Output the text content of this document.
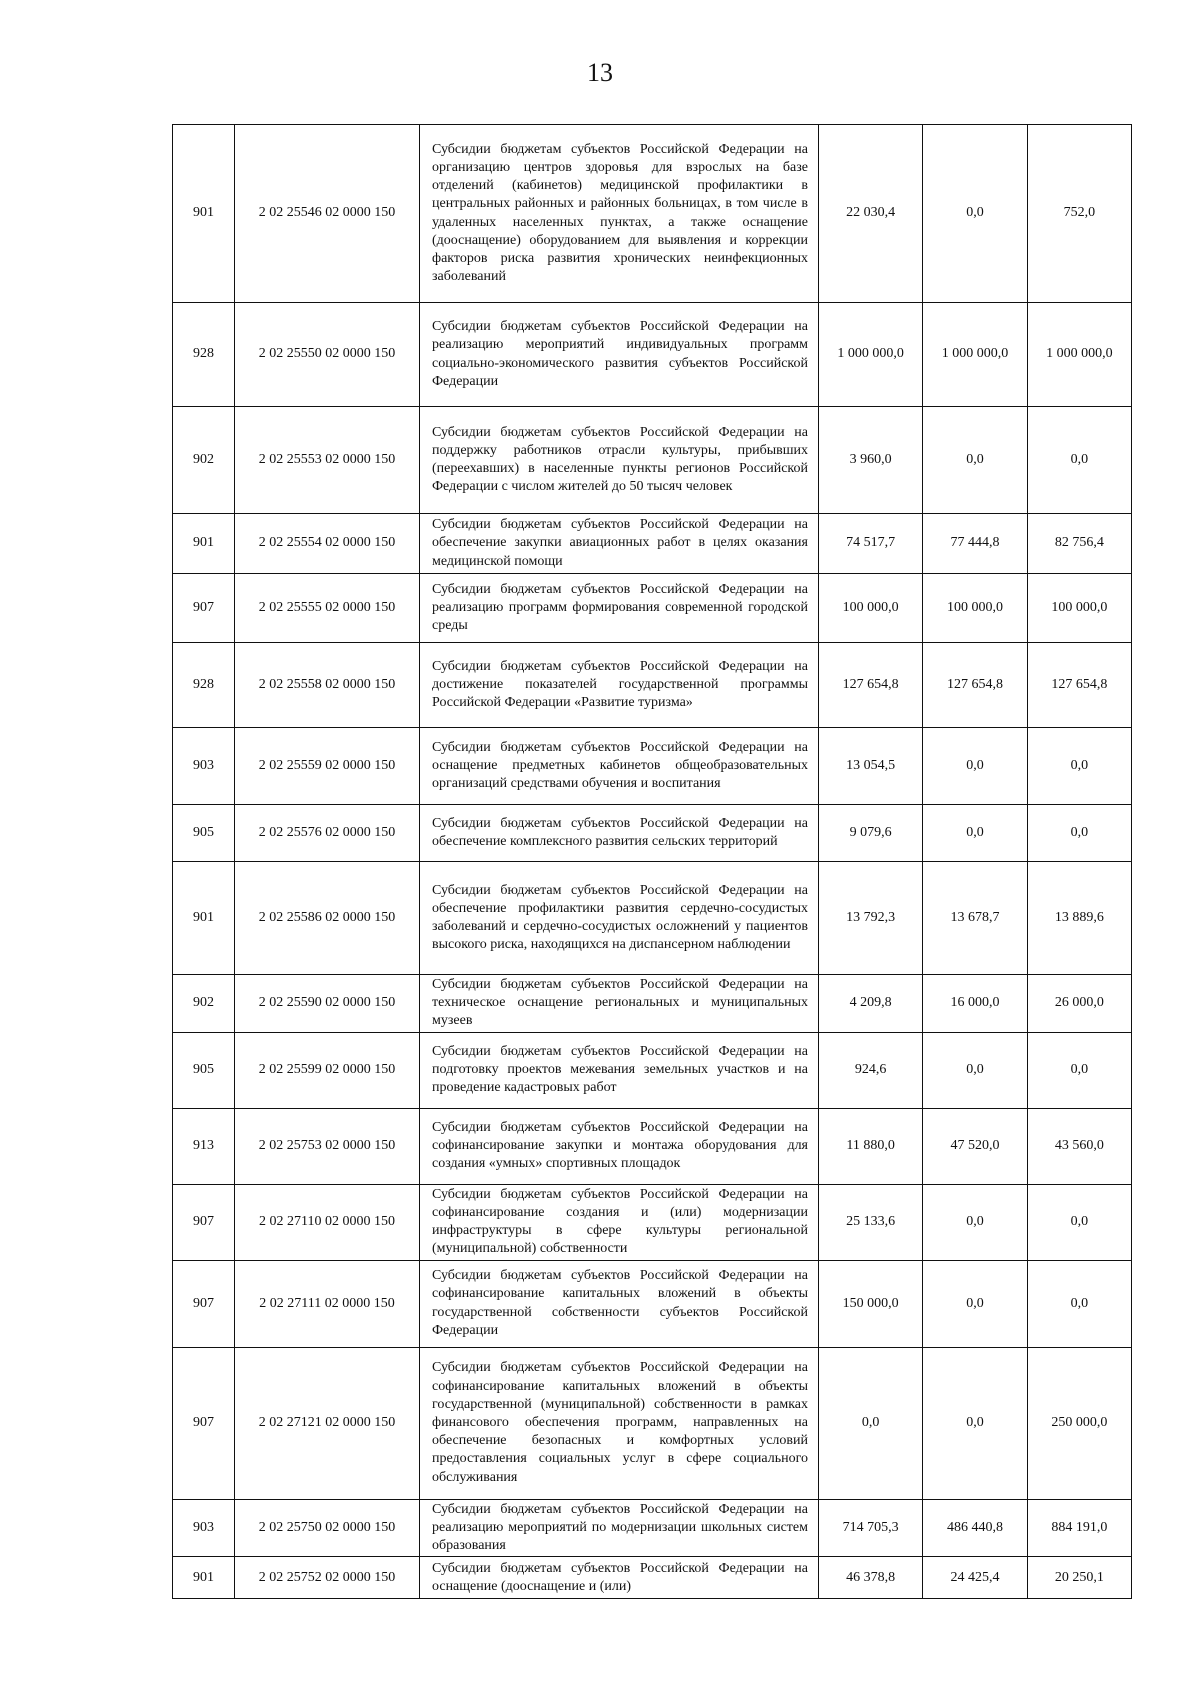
13
901	2 02 25546 02 0000 150	Субсидии бюджетам субъектов Российской Федерации на организацию центров здоровья для взрослых на базе отделений (кабинетов) медицинской профилактики в центральных районных и районных больницах, в том числе в удаленных населенных пунктах, а также оснащение (дооснащение) оборудованием для выявления и коррекции факторов риска развития хронических неинфекционных заболеваний	22 030,4	0,0	752,0
928	2 02 25550 02 0000 150	Субсидии бюджетам субъектов Российской Федерации на реализацию мероприятий индивидуальных программ социально-экономического развития субъектов Российской Федерации	1 000 000,0	1 000 000,0	1 000 000,0
902	2 02 25553 02 0000 150	Субсидии бюджетам субъектов Российской Федерации на поддержку работников отрасли культуры, прибывших (переехавших) в населенные пункты регионов Российской Федерации с числом жителей до 50 тысяч человек	3 960,0	0,0	0,0
901	2 02 25554 02 0000 150	Субсидии бюджетам субъектов Российской Федерации на обеспечение закупки авиационных работ в целях оказания медицинской помощи	74 517,7	77 444,8	82 756,4
907	2 02 25555 02 0000 150	Субсидии бюджетам субъектов Российской Федерации на реализацию программ формирования современной городской среды	100 000,0	100 000,0	100 000,0
928	2 02 25558 02 0000 150	Субсидии бюджетам субъектов Российской Федерации на достижение показателей государственной программы Российской Федерации «Развитие туризма»	127 654,8	127 654,8	127 654,8
903	2 02 25559 02 0000 150	Субсидии бюджетам субъектов Российской Федерации на оснащение предметных кабинетов общеобразовательных организаций средствами обучения и воспитания	13 054,5	0,0	0,0
905	2 02 25576 02 0000 150	Субсидии бюджетам субъектов Российской Федерации на обеспечение комплексного развития сельских территорий	9 079,6	0,0	0,0
901	2 02 25586 02 0000 150	Субсидии бюджетам субъектов Российской Федерации на обеспечение профилактики развития сердечно-сосудистых заболеваний и сердечно-сосудистых осложнений у пациентов высокого риска, находящихся на диспансерном наблюдении	13 792,3	13 678,7	13 889,6
902	2 02 25590 02 0000 150	Субсидии бюджетам субъектов Российской Федерации на техническое оснащение региональных и муниципальных музеев	4 209,8	16 000,0	26 000,0
905	2 02 25599 02 0000 150	Субсидии бюджетам субъектов Российской Федерации на подготовку проектов межевания земельных участков и на проведение кадастровых работ	924,6	0,0	0,0
913	2 02 25753 02 0000 150	Субсидии бюджетам субъектов Российской Федерации на софинансирование закупки и монтажа оборудования для создания «умных» спортивных площадок	11 880,0	47 520,0	43 560,0
907	2 02 27110 02 0000 150	Субсидии бюджетам субъектов Российской Федерации на софинансирование создания и (или) модернизации инфраструктуры в сфере культуры региональной (муниципальной) собственности	25 133,6	0,0	0,0
907	2 02 27111 02 0000 150	Субсидии бюджетам субъектов Российской Федерации на софинансирование капитальных вложений в объекты государственной собственности субъектов Российской Федерации	150 000,0	0,0	0,0
907	2 02 27121 02 0000 150	Субсидии бюджетам субъектов Российской Федерации на софинансирование капитальных вложений в объекты государственной (муниципальной) собственности в рамках финансового обеспечения программ, направленных на обеспечение безопасных и комфортных условий предоставления социальных услуг в сфере социального обслуживания	0,0	0,0	250 000,0
903	2 02 25750 02 0000 150	Субсидии бюджетам субъектов Российской Федерации на реализацию мероприятий по модернизации школьных систем образования	714 705,3	486 440,8	884 191,0
901	2 02 25752 02 0000 150	Субсидии бюджетам субъектов Российской Федерации на оснащение (дооснащение и (или)	46 378,8	24 425,4	20 250,1
